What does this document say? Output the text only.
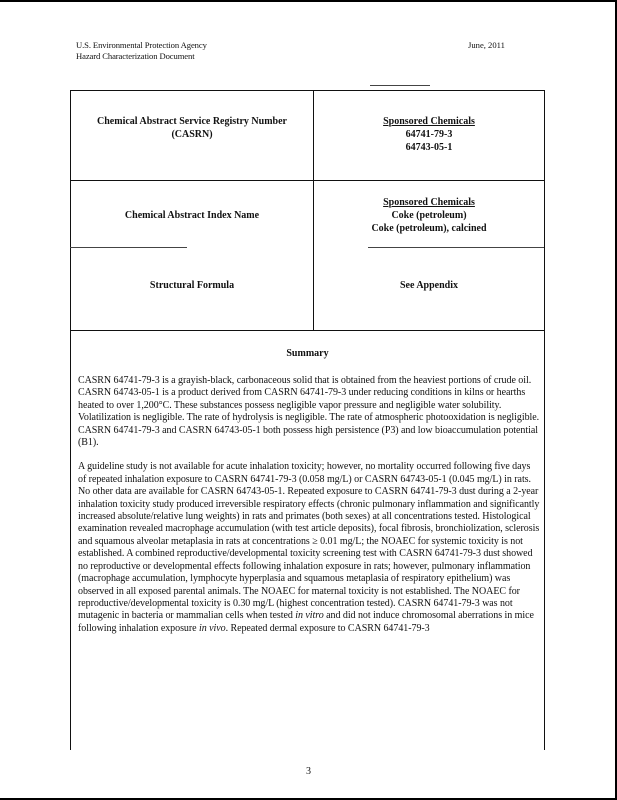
U.S. Environmental Protection Agency
Hazard Characterization Document
June, 2011
Chemical Abstract Service Registry Number (CASRN)
Sponsored Chemicals
64741-79-3
64743-05-1
Chemical Abstract Index Name
Sponsored Chemicals
Coke (petroleum)
Coke (petroleum), calcined
Structural Formula	See Appendix
Summary

CASRN 64741-79-3 is a grayish-black, carbonaceous solid that is obtained from the heaviest portions of crude oil. CASRN 64743-05-1 is a product derived from CASRN 64741-79-3 under reducing conditions in kilns or hearths heated to over 1,200°C. These substances possess negligible vapor pressure and negligible water solubility. Volatilization is negligible. The rate of hydrolysis is negligible. The rate of atmospheric photooxidation is negligible. CASRN 64741-79-3 and CASRN 64743-05-1 both possess high persistence (P3) and low bioaccumulation potential (B1).

A guideline study is not available for acute inhalation toxicity; however, no mortality occurred following five days of repeated inhalation exposure to CASRN 64741-79-3 (0.058 mg/L) or CASRN 64743-05-1 (0.045 mg/L) in rats. No other data are available for CASRN 64743-05-1. Repeated exposure to CASRN 64741-79-3 dust during a 2-year inhalation toxicity study produced irreversible respiratory effects (chronic pulmonary inflammation and significantly increased absolute/relative lung weights) in rats and primates (both sexes) at all concentrations tested. Histological examination revealed macrophage accumulation (with test article deposits), focal fibrosis, bronchiolization, sclerosis and squamous alveolar metaplasia in rats at concentrations ≥ 0.01 mg/L; the NOAEC for systemic toxicity is not established. A combined reproductive/developmental toxicity screening test with CASRN 64741-79-3 dust showed no reproductive or developmental effects following inhalation exposure in rats; however, pulmonary inflammation (macrophage accumulation, lymphocyte hyperplasia and squamous metaplasia of respiratory epithelium) was observed in all exposed parental animals. The NOAEC for maternal toxicity is not established. The NOAEC for reproductive/developmental toxicity is 0.30 mg/L (highest concentration tested). CASRN 64741-79-3 was not mutagenic in bacteria or mammalian cells when tested in vitro and did not induce chromosomal aberrations in mice following inhalation exposure in vivo. Repeated dermal exposure to CASRN 64741-79-3

3
